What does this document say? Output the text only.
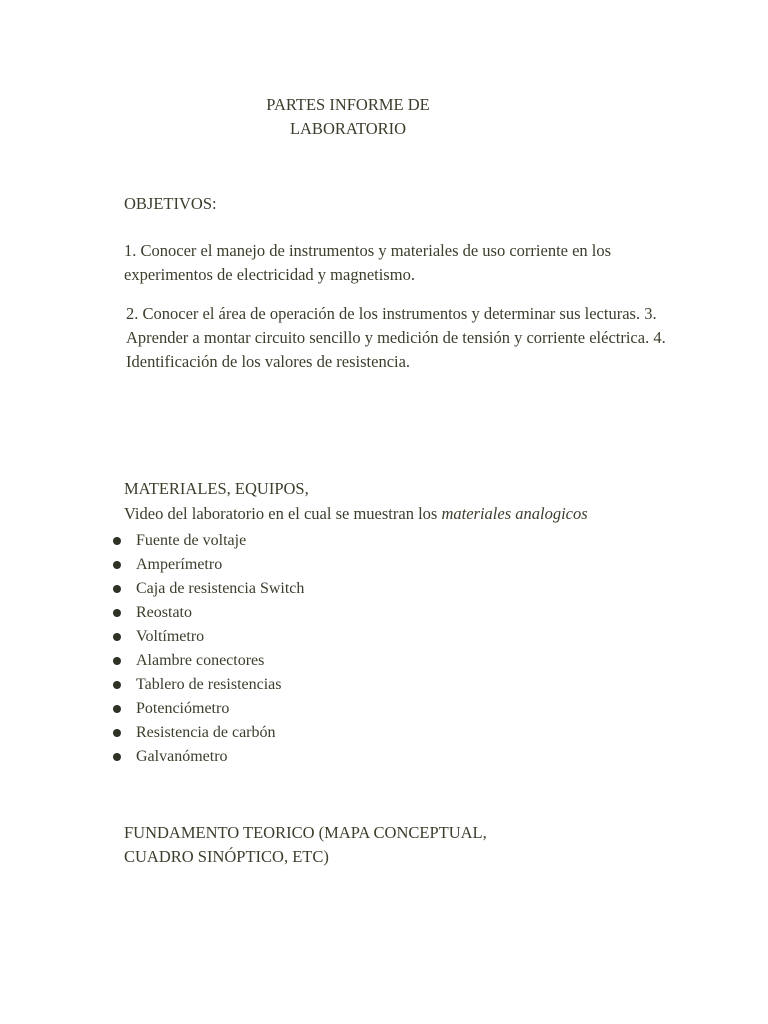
PARTES INFORME DE
LABORATORIO
OBJETIVOS:
1. Conocer el manejo de instrumentos y materiales de uso corriente en los experimentos de electricidad y magnetismo.
2. Conocer el área de operación de los instrumentos y determinar sus lecturas. 3. Aprender a montar circuito sencillo y medición de tensión y corriente eléctrica. 4. Identificación de los valores de resistencia.
MATERIALES, EQUIPOS,
Video del laboratorio en el cual se muestran los materiales analogicos
Fuente de voltaje
Amperímetro
Caja de resistencia Switch
Reostato
Voltímetro
Alambre conectores
Tablero de resistencias
Potenciómetro
Resistencia de carbón
Galvanómetro
FUNDAMENTO TEORICO (MAPA CONCEPTUAL,
CUADRO SINÓPTICO, ETC)
